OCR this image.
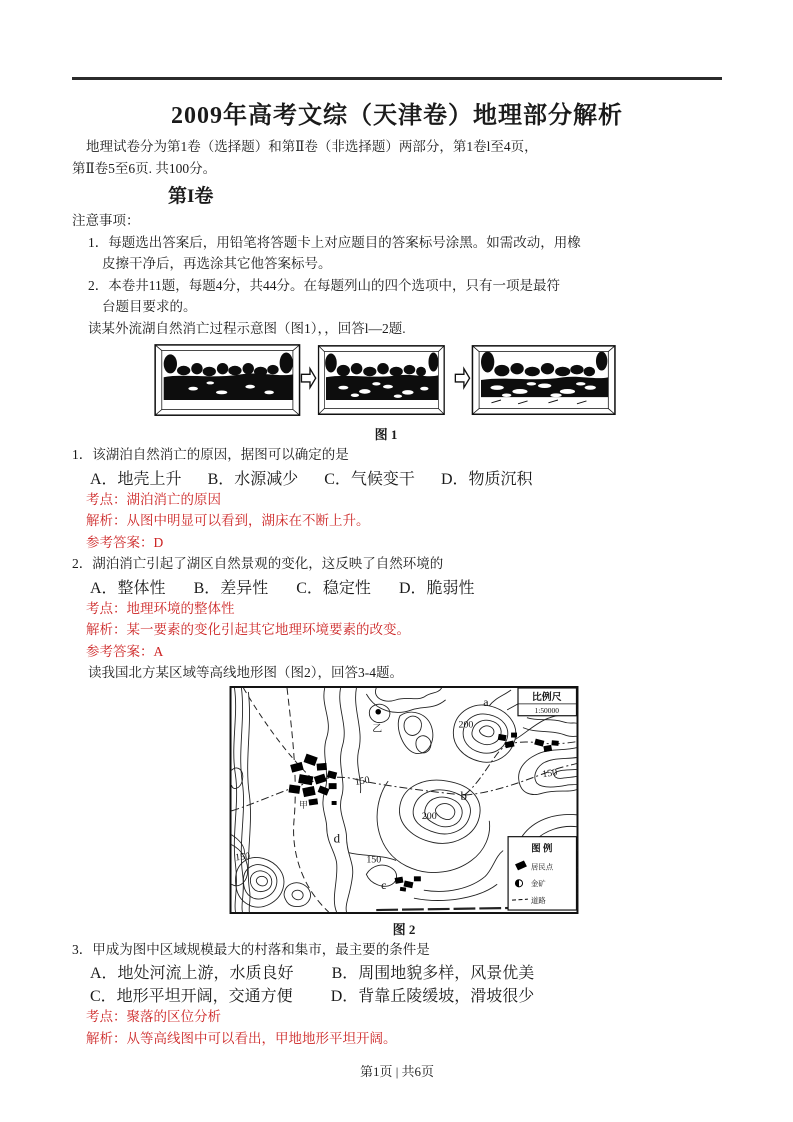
2009年高考文综（天津卷）地理部分解析

地理试卷分为第1卷（选择题）和第Ⅱ卷（非选择题）两部分，第1卷l至4页，

第Ⅱ卷5至6页. 共100分。

第I卷

注意事项：

1．每题选出答案后，用铅笔将答题卡上对应题目的答案标号涂黑。如需改动，用橡

皮擦干净后，再选涂其它他答案标号。

2．本卷井11题，每题4分，共44分。在每题列山的四个选项中，只有一项是最符

台题目要求的。

读某外流湖自然消亡过程示意图（图1），，回答l—2题.

图 1

1．该湖泊自然消亡的原因，据图可以确定的是

A．地壳上升 B．水源减少 C．气候变干 D．物质沉积

考点：湖泊消亡的原因

解析：从图中明显可以看到，湖床在不断上升。

参考答案：D

2．湖泊消亡引起了湖区自然景观的变化，这反映了自然环境的

A．整体性 B．差异性 C．稳定性 D．脆弱性

考点：地理环境的整体性

解析：某一要素的变化引起其它地理环境要素的改变。

参考答案：A

读我国北方某区域等高线地形图（图2），回答3-4题。

a
乙	200
150
b
200
d
150
150
150
c
甲
比例尺
1:50000
图 例
居民点
金矿
道路

图 2

3．甲成为图中区域规模最大的村落和集市，最主要的条件是

A．地处河流上游，水质良好 B．周围地貌多样，风景优美
C．地形平坦开阔，交通方便 D．背靠丘陵缓坡，滑坡很少

考点：聚落的区位分析

解析：从等高线图中可以看出，甲地地形平坦开阔。

第1页 | 共6页
